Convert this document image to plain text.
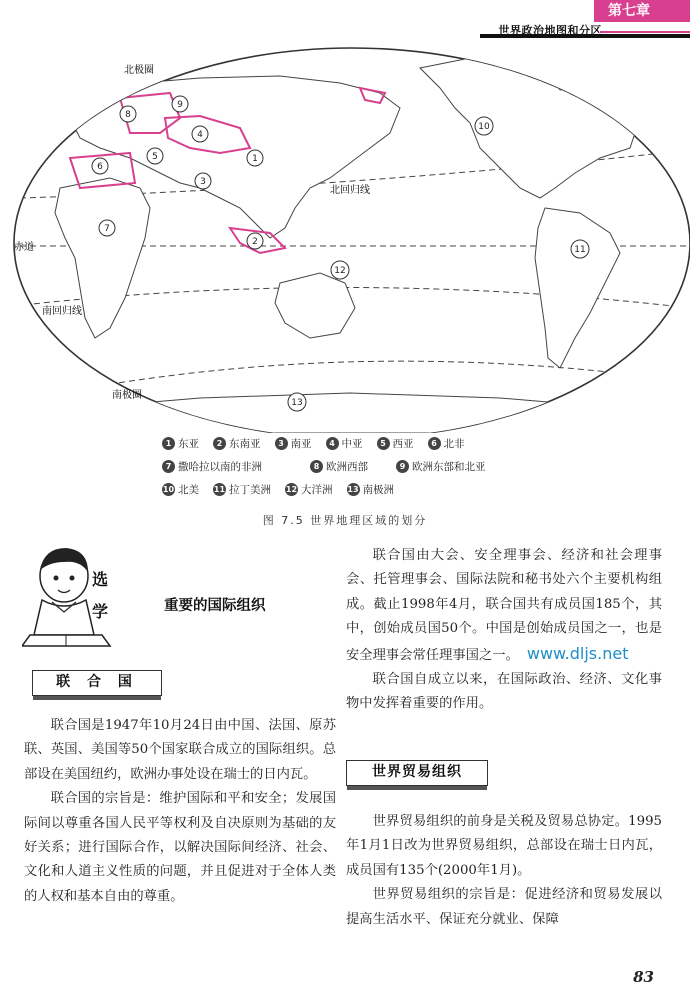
第七章
世界政治地图和分区
北极圈
北回归线
赤道
南回归线
南极圈
1
2
3
4
5
6
7
8
9
10
11
12
13
1 东亚	2 东南亚	3 南亚	4 中亚	5 西亚	6 北非
7 撒哈拉以南的非洲	8 欧洲西部	9 欧洲东部和北亚
10 北美 11 拉丁美洲 12 大洋洲 13 南极洲
图 7.5 世界地理区域的划分
选
学	重要的国际组织
联 合 国

联合国是1947年10月24日由中国、法国、原苏联、英国、美国等50个国家联合成立的国际组织。总部设在美国纽约，欧洲办事处设在瑞士的日内瓦。

联合国的宗旨是：维护国际和平和安全；发展国际间以尊重各国人民平等权利及自决原则为基础的友好关系；进行国际合作，以解决国际间经济、社会、文化和人道主义性质的问题，并且促进对于全体人类的人权和基本自由的尊重。

联合国由大会、安全理事会、经济和社会理事会、托管理事会、国际法院和秘书处六个主要机构组成。截止1998年4月，联合国共有成员国185个，其中，创始成员国50个。中国是创始成员国之一，也是安全理事会常任理事国之一。 www.dljs.net

联合国自成立以来，在国际政治、经济、文化事物中发挥着重要的作用。

世界贸易组织

世界贸易组织的前身是关税及贸易总协定。1995年1月1日改为世界贸易组织，总部设在瑞士日内瓦，成员国有135个(2000年1月)。

世界贸易组织的宗旨是：促进经济和贸易发展以提高生活水平、保证充分就业、保障

83
